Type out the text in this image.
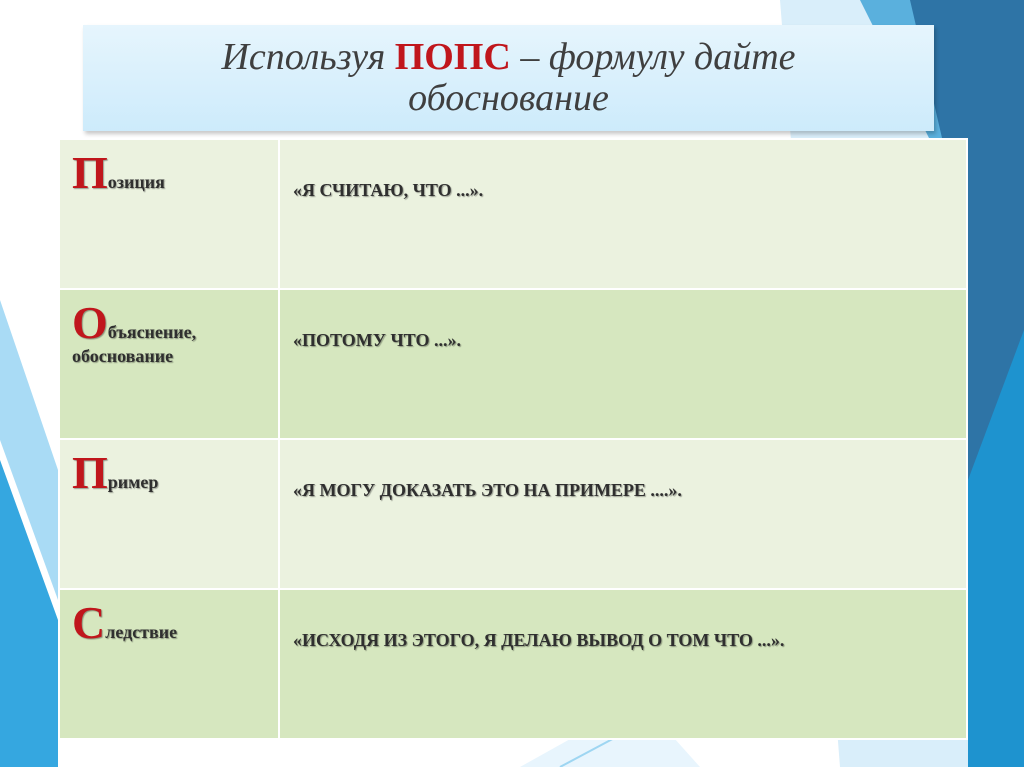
Используя ПОПС – формулу дайте обоснование
Позиция	«Я СЧИТАЮ, ЧТО ...».

Объяснение,
обоснование	«ПОТОМУ ЧТО ...».

Пример	«Я МОГУ ДОКАЗАТЬ ЭТО НА ПРИМЕРЕ ....».

Следствие	«ИСХОДЯ ИЗ ЭТОГО, Я ДЕЛАЮ ВЫВОД О ТОМ ЧТО ...».
